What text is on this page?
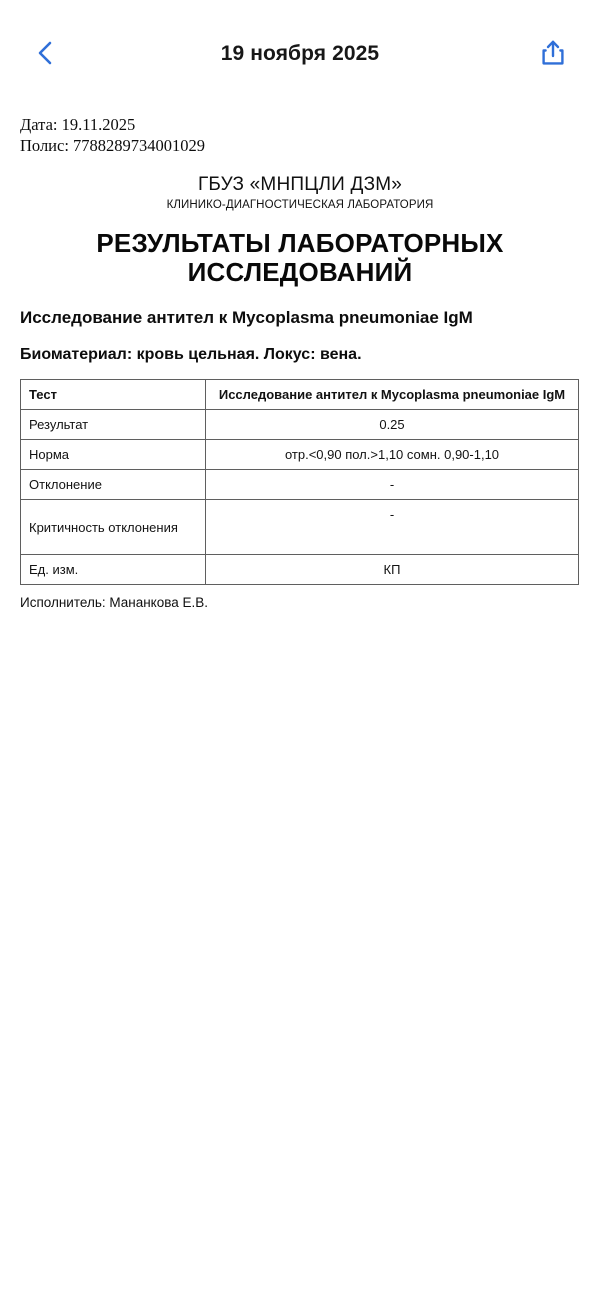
19 ноября 2025
Дата: 19.11.2025
Полис: 7788289734001029
ГБУЗ «МНПЦЛИ ДЗМ»
КЛИНИКО-ДИАГНОСТИЧЕСКАЯ ЛАБОРАТОРИЯ
РЕЗУЛЬТАТЫ ЛАБОРАТОРНЫХ
ИССЛЕДОВАНИЙ
Исследование антител к Mycoplasma pneumoniae IgM
Биоматериал: кровь цельная. Локус: вена.
Тест	Исследование антител к Mycoplasma pneumoniae IgM
Результат	0.25
Норма	отр.<0,90 пол.>1,10 сомн. 0,90-1,10
Отклонение	-
Критичность отклонения	-
Ед. изм.	КП
Исполнитель: Мананкова Е.В.
